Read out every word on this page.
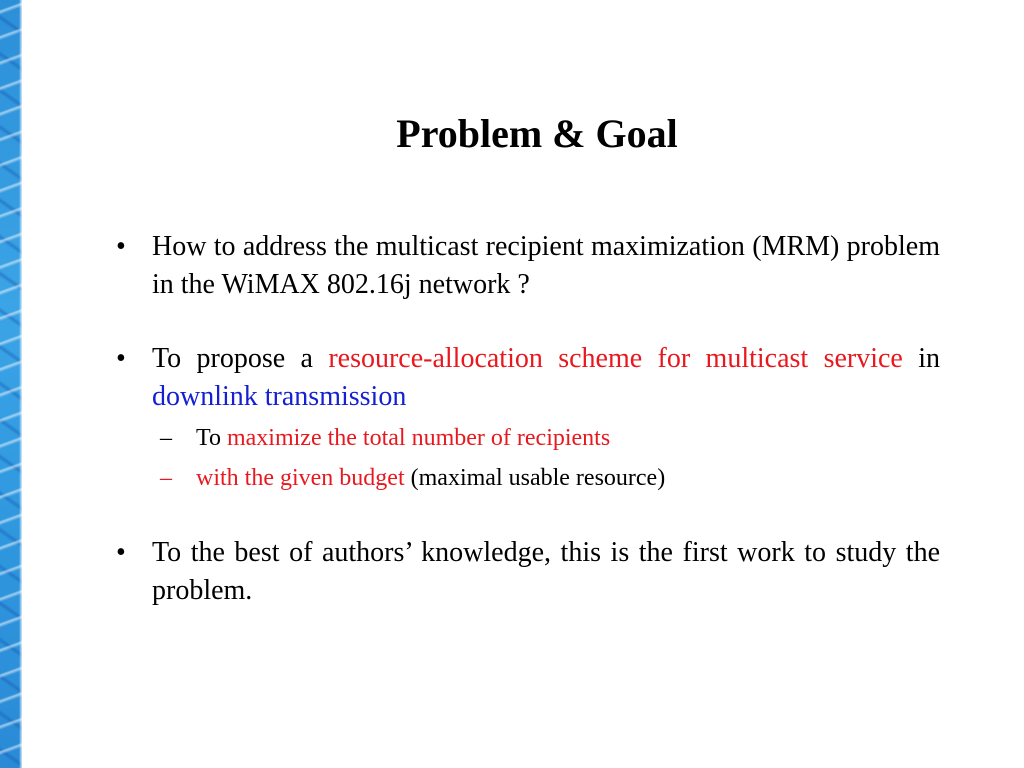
Problem & Goal
• How to address the multicast recipient maximization (MRM) problem in the WiMAX 802.16j network ?
• To propose a resource-allocation scheme for multicast service in downlink transmission
– To maximize the total number of recipients
– with the given budget (maximal usable resource)
• To the best of authors’ knowledge, this is the first work to study the problem.
